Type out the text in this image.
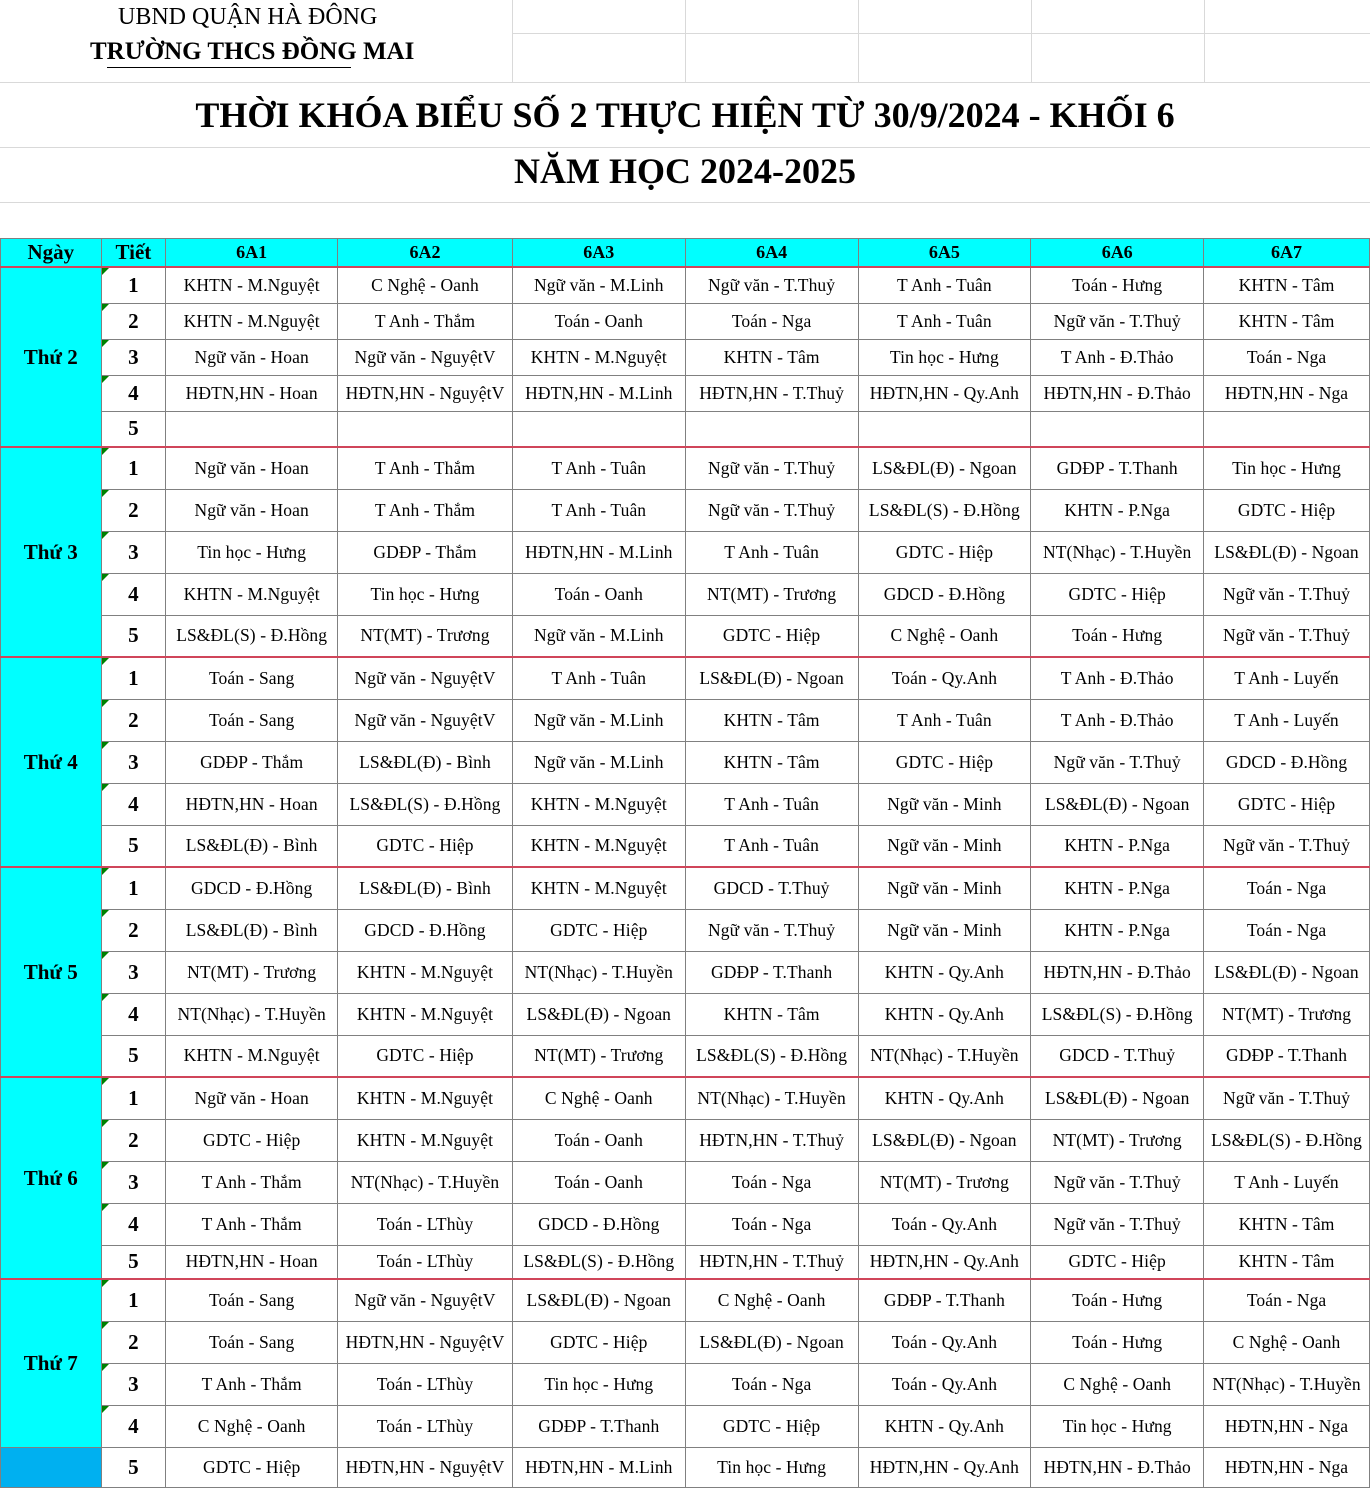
UBND QUẬN HÀ ĐÔNG
TRƯỜNG THCS ĐỒNG MAI
THỜI KHÓA BIỂU SỐ 2 THỰC HIỆN TỪ 30/9/2024 - KHỐI 6
NĂM HỌC 2024-2025
Ngày	Tiết	6A1	6A2	6A3	6A4	6A5	6A6	6A7
Thứ 2	1	KHTN - M.Nguyệt	C Nghệ - Oanh	Ngữ văn - M.Linh	Ngữ văn - T.Thuỷ	T Anh - Tuân	Toán - Hưng	KHTN - Tâm

2	KHTN - M.Nguyệt	T Anh - Thắm	Toán - Oanh	Toán - Nga	T Anh - Tuân	Ngữ văn - T.Thuỷ	KHTN - Tâm

3	Ngữ văn - Hoan	Ngữ văn - NguyệtV	KHTN - M.Nguyệt	KHTN - Tâm	Tin học - Hưng	T Anh - Đ.Thảo	Toán - Nga

4	HĐTN,HN - Hoan	HĐTN,HN - NguyệtV	HĐTN,HN - M.Linh	HĐTN,HN - T.Thuỷ	HĐTN,HN - Qy.Anh	HĐTN,HN - Đ.Thảo	HĐTN,HN - Nga
	5							
Thứ 3	1	Ngữ văn - Hoan	T Anh - Thắm	T Anh - Tuân	Ngữ văn - T.Thuỷ	LS&ĐL(Đ) - Ngoan	GDĐP - T.Thanh	Tin học - Hưng

2	Ngữ văn - Hoan	T Anh - Thắm	T Anh - Tuân	Ngữ văn - T.Thuỷ	LS&ĐL(S) - Đ.Hồng	KHTN - P.Nga	GDTC - Hiệp

3	Tin học - Hưng	GDĐP - Thắm	HĐTN,HN - M.Linh	T Anh - Tuân	GDTC - Hiệp	NT(Nhạc) - T.Huyền	LS&ĐL(Đ) - Ngoan

4	KHTN - M.Nguyệt	Tin học - Hưng	Toán - Oanh	NT(MT) - Trương	GDCD - Đ.Hồng	GDTC - Hiệp	Ngữ văn - T.Thuỷ
	5	LS&ĐL(S) - Đ.Hồng	NT(MT) - Trương	Ngữ văn - M.Linh	GDTC - Hiệp	C Nghệ - Oanh	Toán - Hưng	Ngữ văn - T.Thuỷ
Thứ 4	1	Toán - Sang	Ngữ văn - NguyệtV	T Anh - Tuân	LS&ĐL(Đ) - Ngoan	Toán - Qy.Anh	T Anh - Đ.Thảo	T Anh - Luyến

2	Toán - Sang	Ngữ văn - NguyệtV	Ngữ văn - M.Linh	KHTN - Tâm	T Anh - Tuân	T Anh - Đ.Thảo	T Anh - Luyến

3	GDĐP - Thắm	LS&ĐL(Đ) - Bình	Ngữ văn - M.Linh	KHTN - Tâm	GDTC - Hiệp	Ngữ văn - T.Thuỷ	GDCD - Đ.Hồng

4	HĐTN,HN - Hoan	LS&ĐL(S) - Đ.Hồng	KHTN - M.Nguyệt	T Anh - Tuân	Ngữ văn - Minh	LS&ĐL(Đ) - Ngoan	GDTC - Hiệp
	5	LS&ĐL(Đ) - Bình	GDTC - Hiệp	KHTN - M.Nguyệt	T Anh - Tuân	Ngữ văn - Minh	KHTN - P.Nga	Ngữ văn - T.Thuỷ
Thứ 5	1	GDCD - Đ.Hồng	LS&ĐL(Đ) - Bình	KHTN - M.Nguyệt	GDCD - T.Thuỷ	Ngữ văn - Minh	KHTN - P.Nga	Toán - Nga

2	LS&ĐL(Đ) - Bình	GDCD - Đ.Hồng	GDTC - Hiệp	Ngữ văn - T.Thuỷ	Ngữ văn - Minh	KHTN - P.Nga	Toán - Nga

3	NT(MT) - Trương	KHTN - M.Nguyệt	NT(Nhạc) - T.Huyền	GDĐP - T.Thanh	KHTN - Qy.Anh	HĐTN,HN - Đ.Thảo	LS&ĐL(Đ) - Ngoan

4	NT(Nhạc) - T.Huyền	KHTN - M.Nguyệt	LS&ĐL(Đ) - Ngoan	KHTN - Tâm	KHTN - Qy.Anh	LS&ĐL(S) - Đ.Hồng	NT(MT) - Trương
	5	KHTN - M.Nguyệt	GDTC - Hiệp	NT(MT) - Trương	LS&ĐL(S) - Đ.Hồng	NT(Nhạc) - T.Huyền	GDCD - T.Thuỷ	GDĐP - T.Thanh
Thứ 6	1	Ngữ văn - Hoan	KHTN - M.Nguyệt	C Nghệ - Oanh	NT(Nhạc) - T.Huyền	KHTN - Qy.Anh	LS&ĐL(Đ) - Ngoan	Ngữ văn - T.Thuỷ

2	GDTC - Hiệp	KHTN - M.Nguyệt	Toán - Oanh	HĐTN,HN - T.Thuỷ	LS&ĐL(Đ) - Ngoan	NT(MT) - Trương	LS&ĐL(S) - Đ.Hồng

3	T Anh - Thắm	NT(Nhạc) - T.Huyền	Toán - Oanh	Toán - Nga	NT(MT) - Trương	Ngữ văn - T.Thuỷ	T Anh - Luyến

4	T Anh - Thắm	Toán - LThùy	GDCD - Đ.Hồng	Toán - Nga	Toán - Qy.Anh	Ngữ văn - T.Thuỷ	KHTN - Tâm
	5	HĐTN,HN - Hoan	Toán - LThùy	LS&ĐL(S) - Đ.Hồng	HĐTN,HN - T.Thuỷ	HĐTN,HN - Qy.Anh	GDTC - Hiệp	KHTN - Tâm
Thứ 7	1	Toán - Sang	Ngữ văn - NguyệtV	LS&ĐL(Đ) - Ngoan	C Nghệ - Oanh	GDĐP - T.Thanh	Toán - Hưng	Toán - Nga

2	Toán - Sang	HĐTN,HN - NguyệtV	GDTC - Hiệp	LS&ĐL(Đ) - Ngoan	Toán - Qy.Anh	Toán - Hưng	C Nghệ - Oanh

3	T Anh - Thắm	Toán - LThùy	Tin học - Hưng	Toán - Nga	Toán - Qy.Anh	C Nghệ - Oanh	NT(Nhạc) - T.Huyền

4	C Nghệ - Oanh	Toán - LThùy	GDĐP - T.Thanh	GDTC - Hiệp	KHTN - Qy.Anh	Tin học - Hưng	HĐTN,HN - Nga
	5	GDTC - Hiệp	HĐTN,HN - NguyệtV	HĐTN,HN - M.Linh	Tin học - Hưng	HĐTN,HN - Qy.Anh	HĐTN,HN - Đ.Thảo	HĐTN,HN - Nga
